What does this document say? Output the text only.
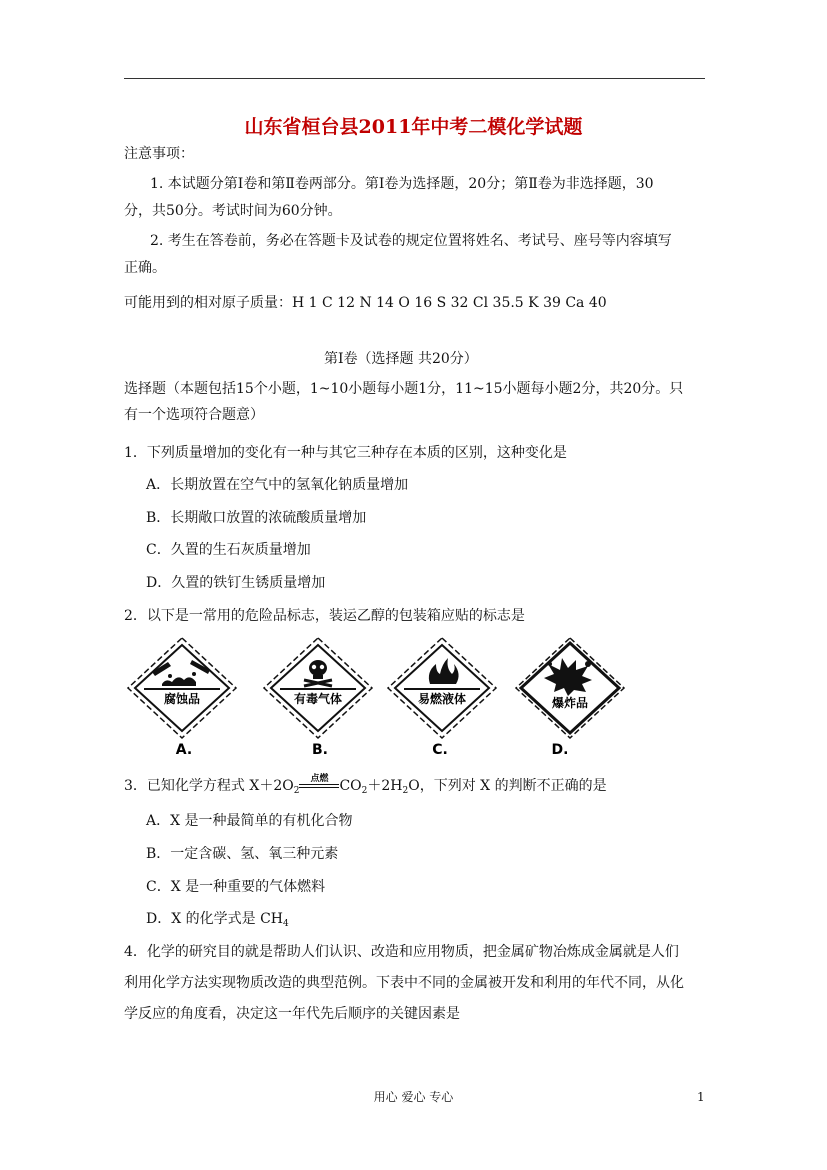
山东省桓台县2011年中考二模化学试题
注意事项：
1. 本试题分第Ⅰ卷和第Ⅱ卷两部分。第Ⅰ卷为选择题，20分；第Ⅱ卷为非选择题，30
分，共50分。考试时间为60分钟。
2. 考生在答卷前，务必在答题卡及试卷的规定位置将姓名、考试号、座号等内容填写
正确。
可能用到的相对原子质量：H 1 C 12 N 14 O 16 S 32 Cl 35.5 K 39 Ca 40
第Ⅰ卷（选择题 共20分）
选择题（本题包括15个小题，1~10小题每小题1分，11~15小题每小题2分，共20分。只
有一个选项符合题意）
1．下列质量增加的变化有一种与其它三种存在本质的区别，这种变化是
A．长期放置在空气中的氢氧化钠质量增加
B．长期敞口放置的浓硫酸质量增加
C．久置的生石灰质量增加
D．久置的铁钉生锈质量增加
2．以下是一常用的危险品标志，装运乙醇的包装箱应贴的标志是
腐蚀品
A.
有毒气体
B.
易燃液体
C.
爆炸品
D.
3．已知化学方程式 $X+2O_2$
点燃 $CO_2+2H_2O$，下列对 X 的判断不正确的是
A．X 是一种最简单的有机化合物
B．一定含碳、氢、氧三种元素
C．X 是一种重要的气体燃料
D．X 的化学式是 $CH_4$
4．化学的研究目的就是帮助人们认识、改造和应用物质，把金属矿物冶炼成金属就是人们
利用化学方法实现物质改造的典型范例。下表中不同的金属被开发和利用的年代不同，从化
学反应的角度看，决定这一年代先后顺序的关键因素是
用心 爱心 专心	1
